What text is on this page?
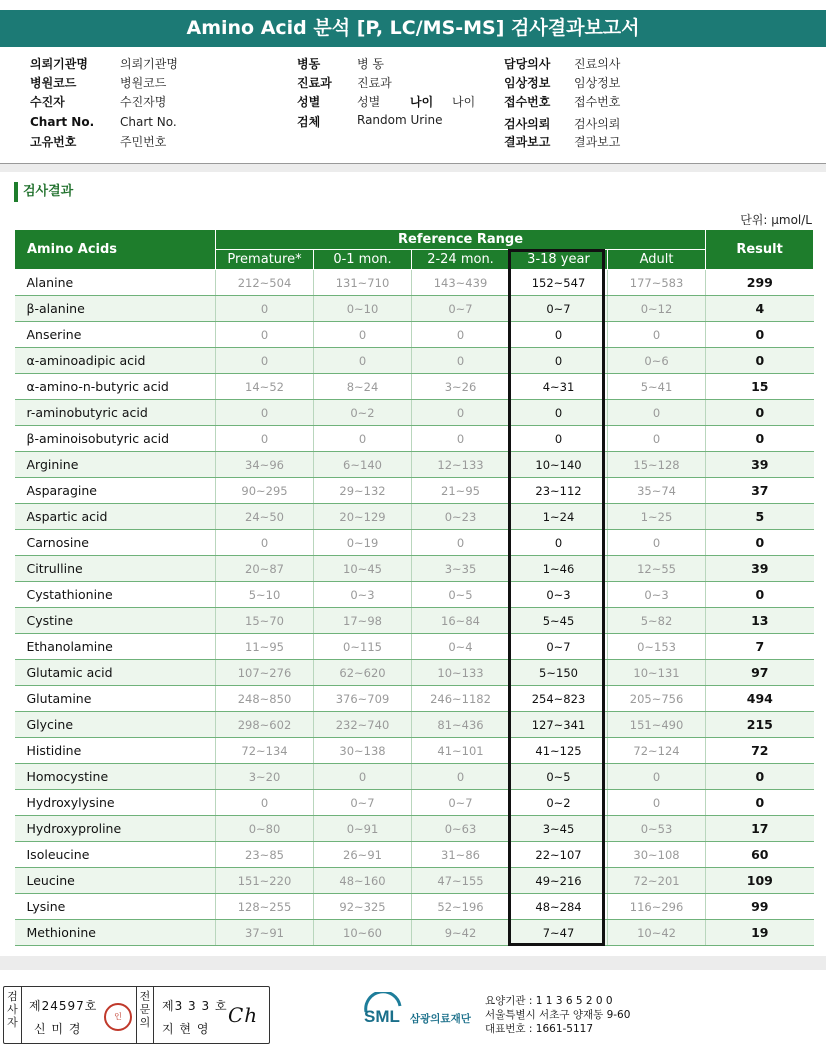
Amino Acid 분석 [P, LC/MS-MS] 검사결과보고서
의뢰기관명	의뢰기관명
병원코드	병원코드
수진자	수진자명
Chart No. Chart No.
고유번호	주민번호
병동	병 동
진료과 진료과
성별	성별
검체	Random Urine
나이 나이
담당의사 진료의사
임상정보 임상정보
접수번호 접수번호
검사의뢰 검사의뢰
결과보고 결과보고
검사결과
단위: µmol/L
Amino Acids	Reference Range					Result
	Premature*	0-1 mon.	2-24 mon.	3-18 year	Adult	
Alanine	212~504	131~710	143~439	152~547	177~583	299
β-alanine	0	0~10	0~7	0~7	0~12	4
Anserine	0	0	0	0	0	0
α-aminoadipic acid	0	0	0	0	0~6	0
α-amino-n-butyric acid	14~52	8~24	3~26	4~31	5~41	15
r-aminobutyric acid	0	0~2	0	0	0	0
β-aminoisobutyric acid	0	0	0	0	0	0
Arginine	34~96	6~140	12~133	10~140	15~128	39
Asparagine	90~295	29~132	21~95	23~112	35~74	37
Aspartic acid	24~50	20~129	0~23	1~24	1~25	5
Carnosine	0	0~19	0	0	0	0
Citrulline	20~87	10~45	3~35	1~46	12~55	39
Cystathionine	5~10	0~3	0~5	0~3	0~3	0
Cystine	15~70	17~98	16~84	5~45	5~82	13
Ethanolamine	11~95	0~115	0~4	0~7	0~153	7
Glutamic acid	107~276	62~620	10~133	5~150	10~131	97
Glutamine	248~850	376~709	246~1182	254~823	205~756	494
Glycine	298~602	232~740	81~436	127~341	151~490	215
Histidine	72~134	30~138	41~101	41~125	72~124	72
Homocystine	3~20	0	0	0~5	0	0
Hydroxylysine	0	0~7	0~7	0~2	0	0
Hydroxyproline	0~80	0~91	0~63	3~45	0~53	17
Isoleucine	23~85	26~91	31~86	22~107	30~108	60
Leucine	151~220	48~160	47~155	49~216	72~201	109
Lysine	128~255	92~325	52~196	48~284	116~296	99
Methionine	37~91	10~60	9~42	7~47	10~42	19
검사자
제24597호
신 미 경
인
전문의
제3 3 3 호
지 현 영
Ch	SML 삼광의료재단
요양기관 : 1 1 3 6 5 2 0 0
서울특별시 서초구 양재동 9-60
대표번호 : 1661-5117
